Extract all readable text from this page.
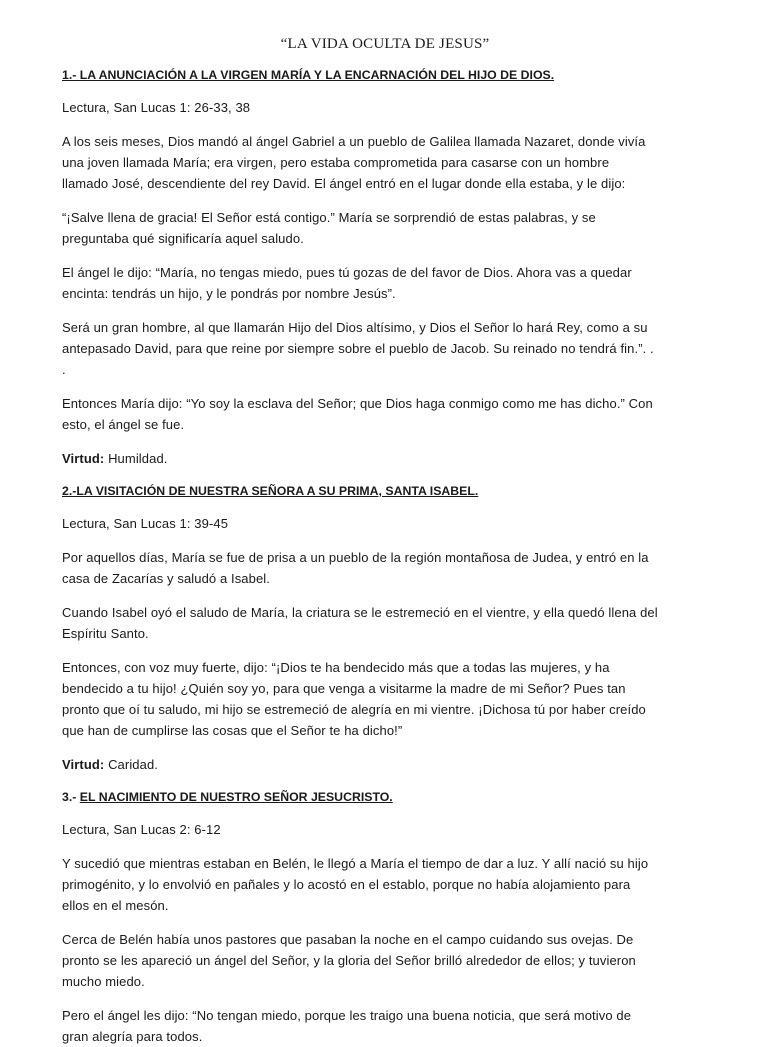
“LA VIDA OCULTA DE JESUS”
1.- LA ANUNCIACIÓN A LA VIRGEN MARÍA Y LA ENCARNACIÓN DEL HIJO DE DIOS.

Lectura, San Lucas 1: 26-33, 38

A los seis meses, Dios mandó al ángel Gabriel a un pueblo de Galilea llamada Nazaret, donde vivía una joven llamada María; era virgen, pero estaba comprometida para casarse con un hombre llamado José, descendiente del rey David. El ángel entró en el lugar donde ella estaba, y le dijo:

“¡Salve llena de gracia! El Señor está contigo.” María se sorprendió de estas palabras, y se preguntaba qué significaría aquel saludo.

El ángel le dijo: “María, no tengas miedo, pues tú gozas de del favor de Dios. Ahora vas a quedar encinta: tendrás un hijo, y le pondrás por nombre Jesús”.

Será un gran hombre, al que llamarán Hijo del Dios altísimo, y Dios el Señor lo hará Rey, como a su antepasado David, para que reine por siempre sobre el pueblo de Jacob. Su reinado no tendrá fin.”. . .

Entonces María dijo: “Yo soy la esclava del Señor; que Dios haga conmigo como me has dicho.” Con esto, el ángel se fue.

Virtud: Humildad.

2.-LA VISITACIÓN DE NUESTRA SEÑORA A SU PRIMA, SANTA ISABEL.

Lectura, San Lucas 1: 39-45

Por aquellos días, María se fue de prisa a un pueblo de la región montañosa de Judea, y entró en la casa de Zacarías y saludó a Isabel.

Cuando Isabel oyó el saludo de María, la criatura se le estremeció en el vientre, y ella quedó llena del Espíritu Santo.

Entonces, con voz muy fuerte, dijo: “¡Dios te ha bendecido más que a todas las mujeres, y ha bendecido a tu hijo! ¿Quién soy yo, para que venga a visitarme la madre de mi Señor? Pues tan pronto que oí tu saludo, mi hijo se estremeció de alegría en mi vientre. ¡Dichosa tú por haber creído que han de cumplirse las cosas que el Señor te ha dicho!”

Virtud: Caridad.

3.- EL NACIMIENTO DE NUESTRO SEÑOR JESUCRISTO.

Lectura, San Lucas 2: 6-12

Y sucedió que mientras estaban en Belén, le llegó a María el tiempo de dar a luz. Y allí nació su hijo primogénito, y lo envolvió en pañales y lo acostó en el establo, porque no había alojamiento para ellos en el mesón.

Cerca de Belén había unos pastores que pasaban la noche en el campo cuidando sus ovejas. De pronto se les apareció un ángel del Señor, y la gloria del Señor brilló alrededor de ellos; y tuvieron mucho miedo.

Pero el ángel les dijo: “No tengan miedo, porque les traigo una buena noticia, que será motivo de gran alegría para todos.
